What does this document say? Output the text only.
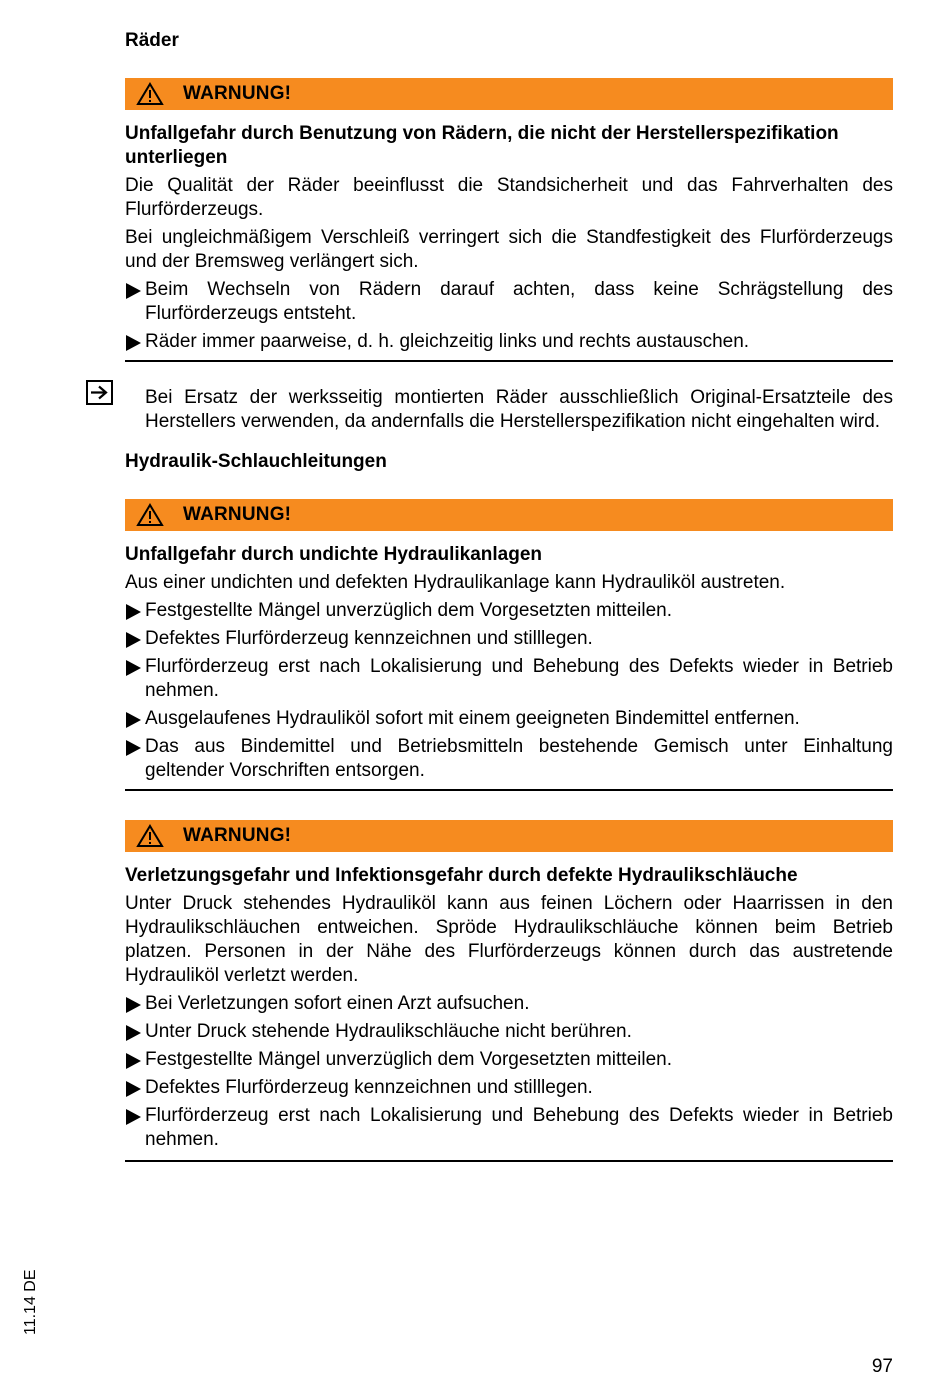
Räder
WARNUNG!

Unfallgefahr durch Benutzung von Rädern, die nicht der Herstellerspezifikation unterliegen

Die Qualität der Räder beeinflusst die Standsicherheit und das Fahrverhalten des Flurförderzeugs.

Bei ungleichmäßigem Verschleiß verringert sich die Standfestigkeit des Flurförderzeugs und der Bremsweg verlängert sich.

Beim Wechseln von Rädern darauf achten, dass keine Schrägstellung des Flurförderzeugs entsteht.
Räder immer paarweise, d. h. gleichzeitig links und rechts austauschen.

Bei Ersatz der werksseitig montierten Räder ausschließlich Original-Ersatzteile des Herstellers verwenden, da andernfalls die Herstellerspezifikation nicht eingehalten wird.

Hydraulik-Schlauchleitungen
WARNUNG!

Unfallgefahr durch undichte Hydraulikanlagen

Aus einer undichten und defekten Hydraulikanlage kann Hydrauliköl austreten.

Festgestellte Mängel unverzüglich dem Vorgesetzten mitteilen.
Defektes Flurförderzeug kennzeichnen und stilllegen.
Flurförderzeug erst nach Lokalisierung und Behebung des Defekts wieder in Betrieb nehmen.
Ausgelaufenes Hydrauliköl sofort mit einem geeigneten Bindemittel entfernen.
Das aus Bindemittel und Betriebsmitteln bestehende Gemisch unter Einhaltung geltender Vorschriften entsorgen.
WARNUNG!

Verletzungsgefahr und Infektionsgefahr durch defekte Hydraulikschläuche

Unter Druck stehendes Hydrauliköl kann aus feinen Löchern oder Haarrissen in den Hydraulikschläuchen entweichen. Spröde Hydraulikschläuche können beim Betrieb platzen. Personen in der Nähe des Flurförderzeugs können durch das austretende Hydrauliköl verletzt werden.

Bei Verletzungen sofort einen Arzt aufsuchen.
Unter Druck stehende Hydraulikschläuche nicht berühren.
Festgestellte Mängel unverzüglich dem Vorgesetzten mitteilen.
Defektes Flurförderzeug kennzeichnen und stilllegen.
Flurförderzeug erst nach Lokalisierung und Behebung des Defekts wieder in Betrieb nehmen.
11.14 DE
97
